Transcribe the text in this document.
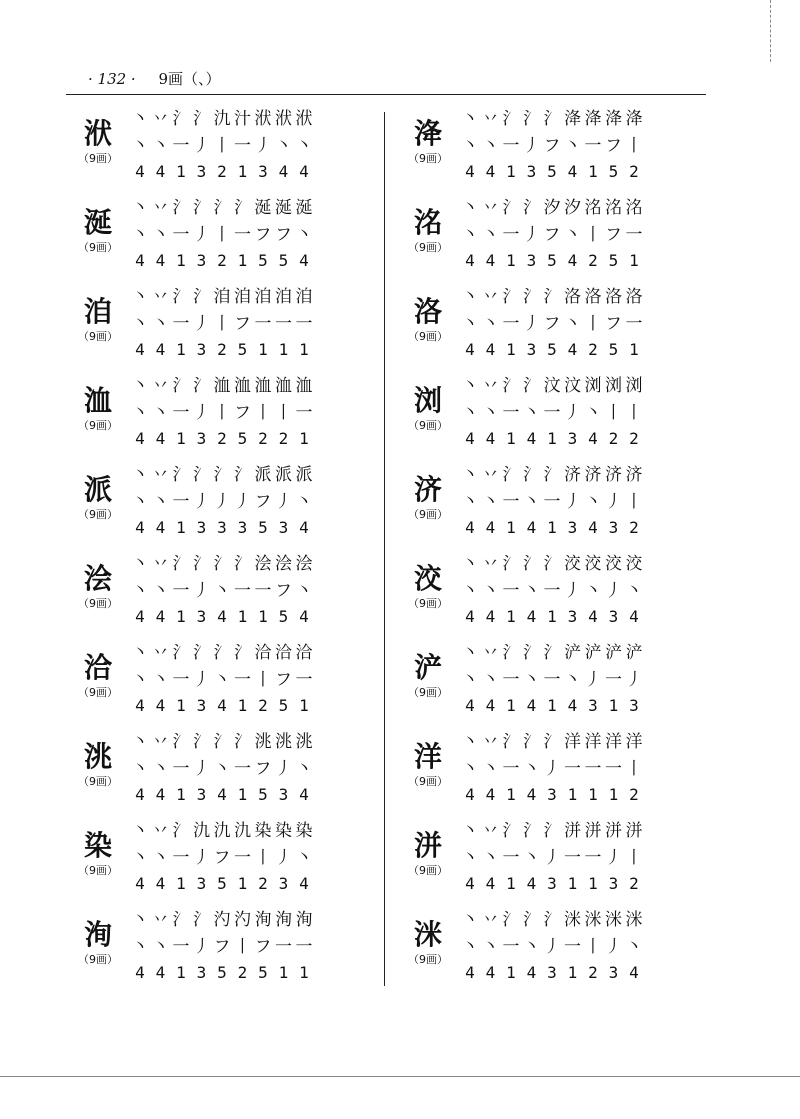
· 132 · 9画（、）
洑
（9画）
丶 丷 氵 氵 氿 汁 洑 洑 洑
丶 丶 一 丿 丨 一 丿 丶 丶
4 4 1 3 2 1 3 4 4
涎
（9画）
丶 丷 氵 氵 氵 氵 涎 涎 涎
丶 丶 一 丿 丨 一 フ フ 丶
4 4 1 3 2 1 5 5 4
洎
（9画）
丶 丷 氵 氵 洎 洎 洎 洎 洎
丶 丶 一 丿 丨 フ 一 一 一
4 4 1 3 2 5 1 1 1
洫
（9画）
丶 丷 氵 氵 洫 洫 洫 洫 洫
丶 丶 一 丿 丨 フ 丨 丨 一
4 4 1 3 2 5 2 2 1
派
（9画）
丶 丷 氵 氵 氵 氵 派 派 派
丶 丶 一 丿 丿 丿 フ 丿 丶
4 4 1 3 3 3 5 3 4
浍
（9画）
丶 丷 氵 氵 氵 氵 浍 浍 浍
丶 丶 一 丿 丶 一 一 フ 丶
4 4 1 3 4 1 1 5 4
洽
（9画）
丶 丷 氵 氵 氵 氵 洽 洽 洽
丶 丶 一 丿 丶 一 丨 フ 一
4 4 1 3 4 1 2 5 1
洮
（9画）
丶 丷 氵 氵 氵 氵 洮 洮 洮
丶 丶 一 丿 丶 一 フ 丿 丶
4 4 1 3 4 1 5 3 4
染
（9画）
丶 丷 氵 氿 氿 氿 染 染 染
丶 丶 一 丿 フ 一 丨 丿 丶
4 4 1 3 5 1 2 3 4
洵
（9画）
丶 丷 氵 氵 汋 汋 洵 洵 洵
丶 丶 一 丿 フ 丨 フ 一 一
4 4 1 3 5 2 5 1 1
洚
（9画）
丶 丷 氵 氵 氵 洚 洚 洚 洚
丶 丶 一 丿 フ 丶 一 フ 丨
4 4 1 3 5 4 1 5 2
洺
（9画）
丶 丷 氵 氵 汐 汐 洺 洺 洺
丶 丶 一 丿 フ 丶 丨 フ 一
4 4 1 3 5 4 2 5 1
洛
（9画）
丶 丷 氵 氵 氵 洛 洛 洛 洛
丶 丶 一 丿 フ 丶 丨 フ 一
4 4 1 3 5 4 2 5 1
浏
（9画）
丶 丷 氵 氵 汶 汶 浏 浏 浏
丶 丶 一 丶 一 丿 丶 丨 丨
4 4 1 4 1 3 4 2 2
济
（9画）
丶 丷 氵 氵 氵 济 济 济 济
丶 丶 一 丶 一 丿 丶 丿 丨
4 4 1 4 1 3 4 3 2
洨
（9画）
丶 丷 氵 氵 氵 洨 洨 洨 洨
丶 丶 一 丶 一 丿 丶 丿 丶
4 4 1 4 1 3 4 3 4
浐
（9画）
丶 丷 氵 氵 氵 浐 浐 浐 浐
丶 丶 一 丶 一 丶 丿 一 丿
4 4 1 4 1 4 3 1 3
洋
（9画）
丶 丷 氵 氵 氵 洋 洋 洋 洋
丶 丶 一 丶 丿 一 一 一 丨
4 4 1 4 3 1 1 1 2
洴
（9画）
丶 丷 氵 氵 氵 洴 洴 洴 洴
丶 丶 一 丶 丿 一 一 丿 丨
4 4 1 4 3 1 1 3 2
洣
（9画）
丶 丷 氵 氵 氵 洣 洣 洣 洣
丶 丶 一 丶 丿 一 丨 丿 丶
4 4 1 4 3 1 2 3 4
